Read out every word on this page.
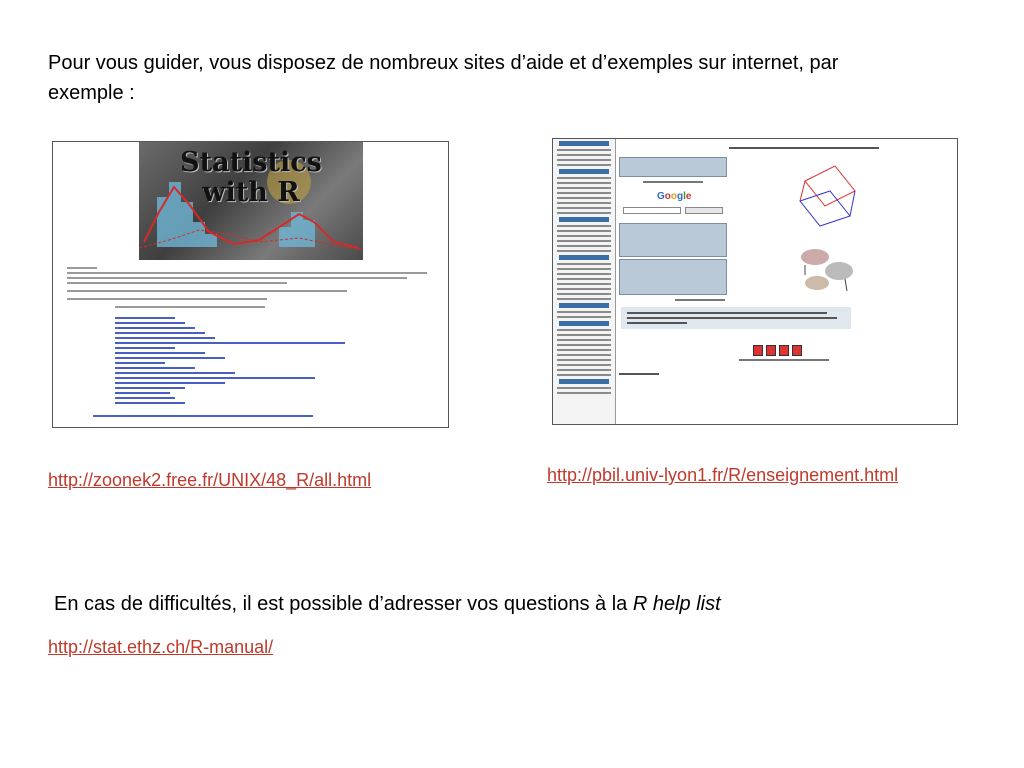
Pour vous guider, vous disposez de nombreux sites d’aide et d’exemples sur internet, par
exemple :

Statistics
with R	Google
http://zoonek2.free.fr/UNIX/48_R/all.html	http://pbil.univ-lyon1.fr/R/enseignement.html

En cas de difficultés, il est possible d’adresser vos questions à la R help list

http://stat.ethz.ch/R-manual/
